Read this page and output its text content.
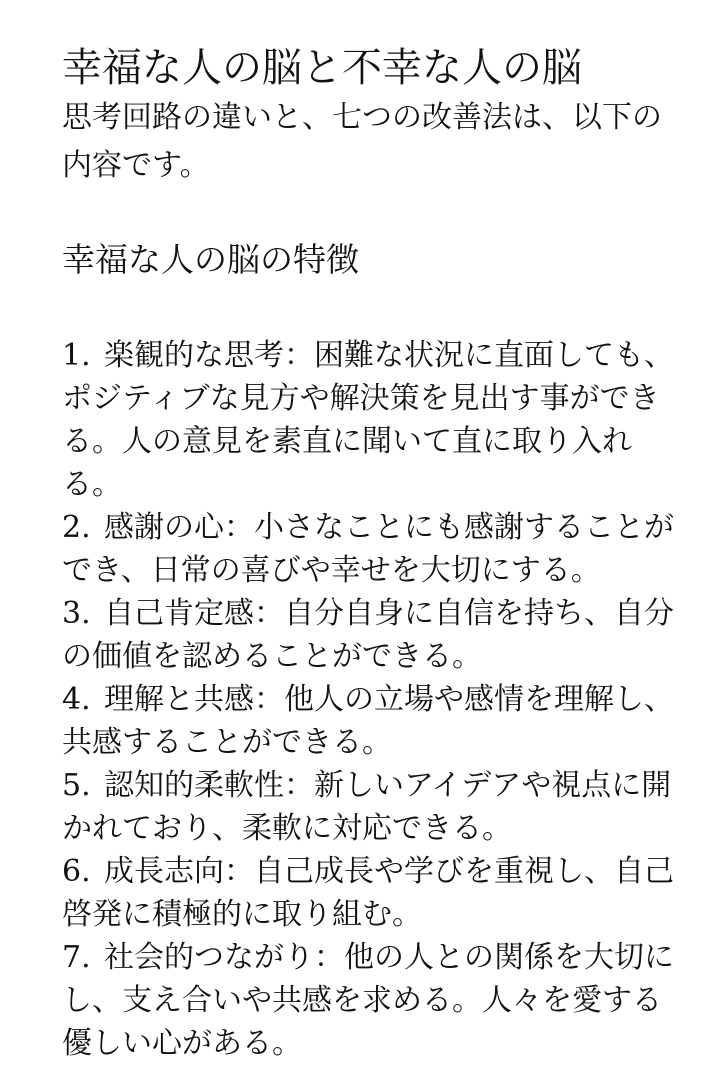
幸福な人の脳と不幸な人の脳

思考回路の違いと、七つの改善法は、以下の内容です。

幸福な人の脳の特徴
1. 楽観的な思考：困難な状況に直面しても、ポジティブな見方や解決策を見出す事ができる。人の意見を素直に聞いて直に取り入れる。
2. 感謝の心：小さなことにも感謝することができ、日常の喜びや幸せを大切にする。
3. 自己肯定感：自分自身に自信を持ち、自分の価値を認めることができる。
4. 理解と共感：他人の立場や感情を理解し、共感することができる。
5. 認知的柔軟性：新しいアイデアや視点に開かれており、柔軟に対応できる。
6. 成長志向：自己成長や学びを重視し、自己啓発に積極的に取り組む。
7. 社会的つながり：他の人との関係を大切にし、支え合いや共感を求める。人々を愛する優しい心がある。
